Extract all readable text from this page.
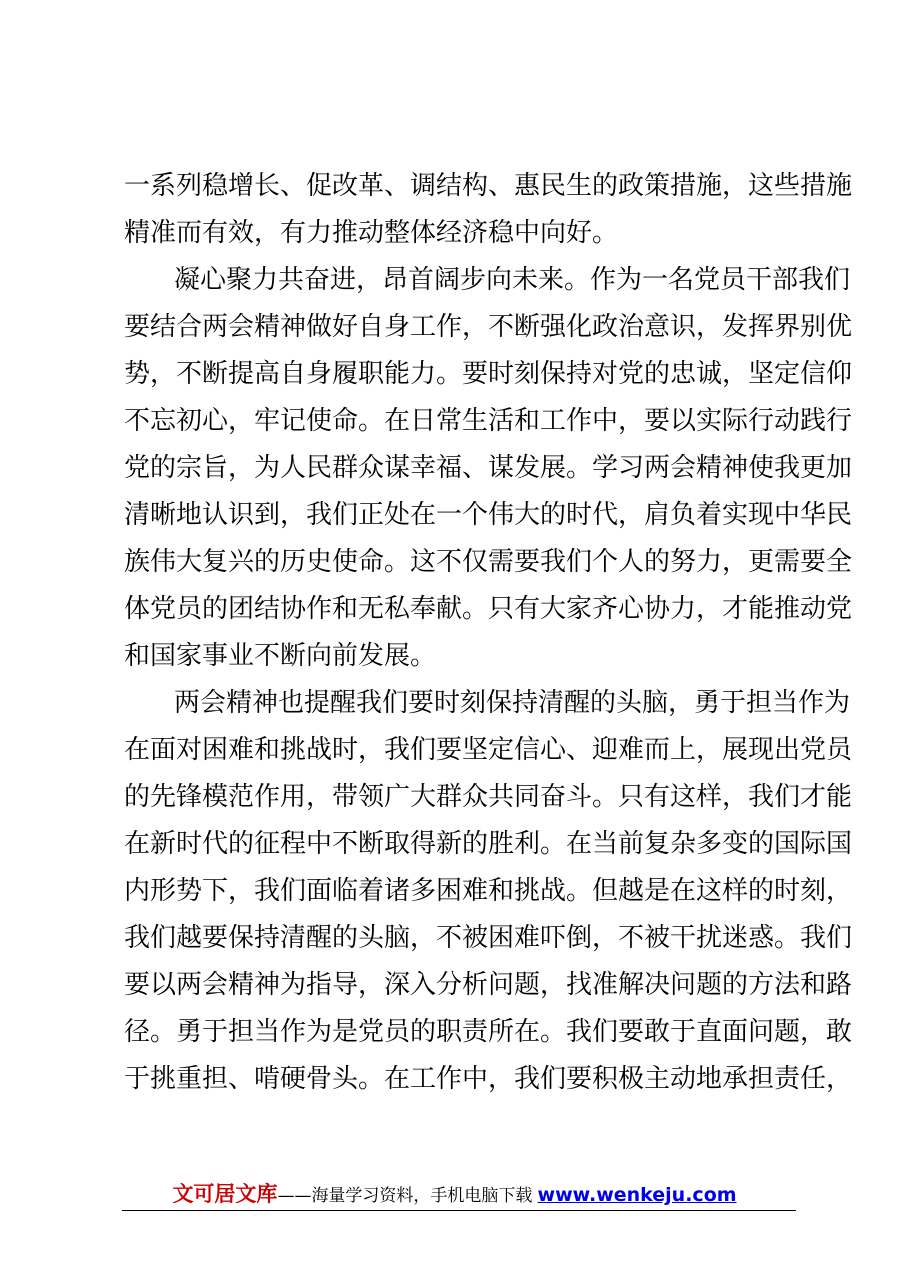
一系列稳增长、促改革、调结构、惠民生的政策措施，这些措施
精准而有效，有力推动整体经济稳中向好。
凝心聚力共奋进，昂首阔步向未来。作为一名党员干部我们
要结合两会精神做好自身工作，不断强化政治意识，发挥界别优
势，不断提高自身履职能力。要时刻保持对党的忠诚，坚定信仰
不忘初心，牢记使命。在日常生活和工作中，要以实际行动践行
党的宗旨，为人民群众谋幸福、谋发展。学习两会精神使我更加
清晰地认识到，我们正处在一个伟大的时代，肩负着实现中华民
族伟大复兴的历史使命。这不仅需要我们个人的努力，更需要全
体党员的团结协作和无私奉献。只有大家齐心协力，才能推动党
和国家事业不断向前发展。
两会精神也提醒我们要时刻保持清醒的头脑，勇于担当作为
在面对困难和挑战时，我们要坚定信心、迎难而上，展现出党员
的先锋模范作用，带领广大群众共同奋斗。只有这样，我们才能
在新时代的征程中不断取得新的胜利。在当前复杂多变的国际国
内形势下，我们面临着诸多困难和挑战。但越是在这样的时刻，
我们越要保持清醒的头脑，不被困难吓倒，不被干扰迷惑。我们
要以两会精神为指导，深入分析问题，找准解决问题的方法和路
径。勇于担当作为是党员的职责所在。我们要敢于直面问题，敢
于挑重担、啃硬骨头。在工作中，我们要积极主动地承担责任，
文可居文库——海量学习资料，手机电脑下载 www.wenkeju.com
